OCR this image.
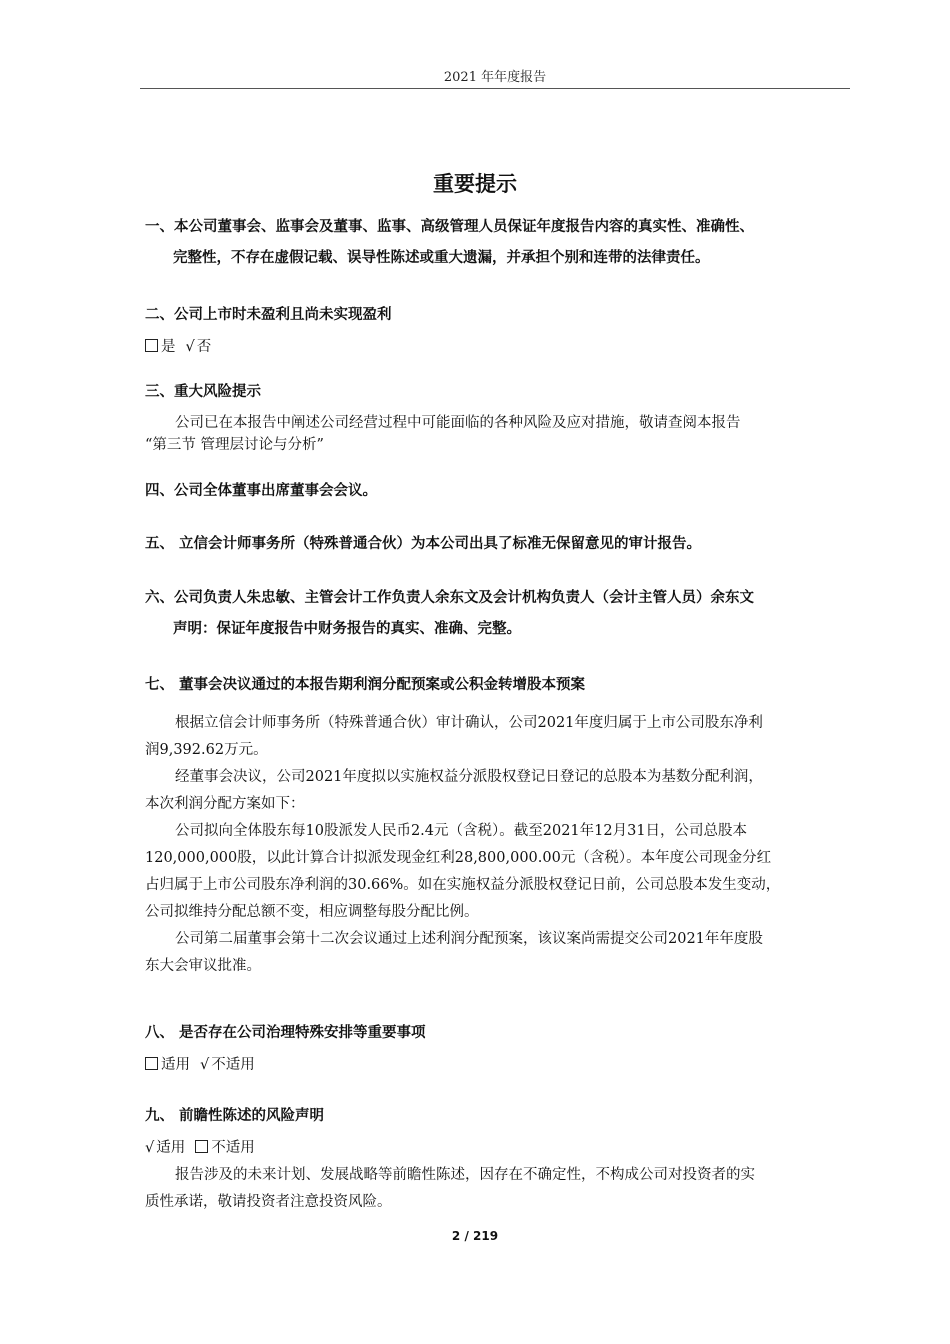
2021 年年度报告
重要提示
一、本公司董事会、监事会及董事、监事、高级管理人员保证年度报告内容的真实性、准确性、
完整性，不存在虚假记载、误导性陈述或重大遗漏，并承担个别和连带的法律责任。
二、公司上市时未盈利且尚未实现盈利
是 √ 否
三、重大风险提示
公司已在本报告中阐述公司经营过程中可能面临的各种风险及应对措施，敬请查阅本报告
“第三节 管理层讨论与分析”
四、公司全体董事出席董事会会议。
五、 立信会计师事务所（特殊普通合伙）为本公司出具了标准无保留意见的审计报告。
六、公司负责人朱忠敏、主管会计工作负责人余东文及会计机构负责人（会计主管人员）余东文
声明：保证年度报告中财务报告的真实、准确、完整。
七、 董事会决议通过的本报告期利润分配预案或公积金转增股本预案
根据立信会计师事务所（特殊普通合伙）审计确认，公司2021年度归属于上市公司股东净利
润9,392.62万元。
经董事会决议，公司2021年度拟以实施权益分派股权登记日登记的总股本为基数分配利润，
本次利润分配方案如下：
公司拟向全体股东每10股派发人民币2.4元（含税）。截至2021年12月31日，公司总股本
120,000,000股，以此计算合计拟派发现金红利28,800,000.00元（含税）。本年度公司现金分红
占归属于上市公司股东净利润的30.66%。如在实施权益分派股权登记日前，公司总股本发生变动，
公司拟维持分配总额不变，相应调整每股分配比例。
公司第二届董事会第十二次会议通过上述利润分配预案，该议案尚需提交公司2021年年度股
东大会审议批准。
八、 是否存在公司治理特殊安排等重要事项
适用 √ 不适用
九、 前瞻性陈述的风险声明
√ 适用 不适用
报告涉及的未来计划、发展战略等前瞻性陈述，因存在不确定性，不构成公司对投资者的实
质性承诺，敬请投资者注意投资风险。
2 / 219
